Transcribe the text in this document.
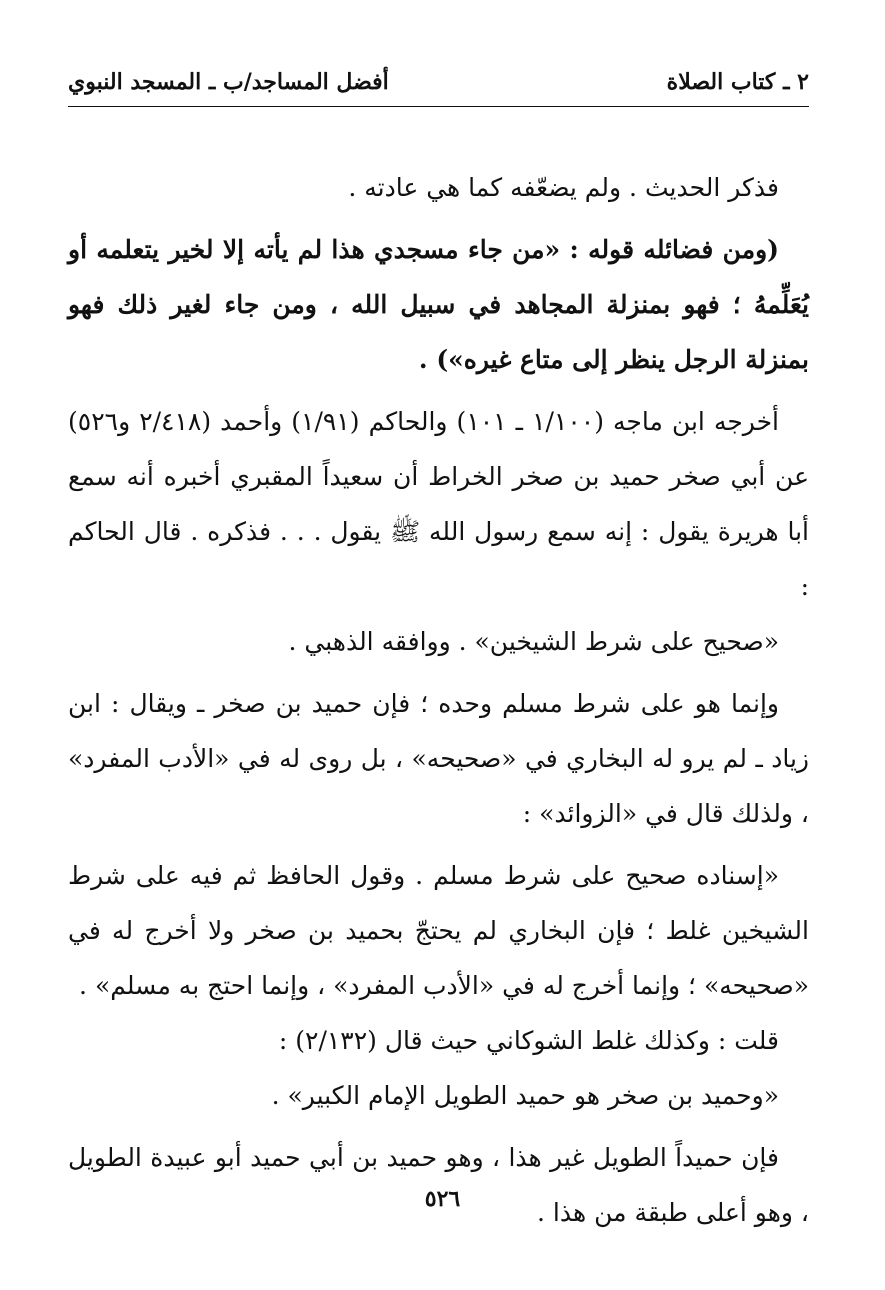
٢ ـ كتاب الصلاة
أفضل المساجد/ب ـ المسجد النبوي

فذكر الحديث . ولم يضعّفه كما هي عادته .

(ومن فضائله قوله : «من جاء مسجدي هذا لم يأته إلا لخير يتعلمه أو يُعَلِّمهُ ؛ فهو بمنزلة المجاهد في سبيل الله ، ومن جاء لغير ذلك فهو بمنزلة الرجل ينظر إلى متاع غيره») .

أخرجه ابن ماجه (١/١٠٠ ـ ١٠١) والحاكم (١/٩١) وأحمد (٢/٤١٨ و٥٢٦) عن أبي صخر حميد بن صخر الخراط أن سعيداً المقبري أخبره أنه سمع أبا هريرة يقول : إنه سمع رسول الله ﷺ يقول . . . فذكره . قال الحاكم :

«صحيح على شرط الشيخين» . ووافقه الذهبي .

وإنما هو على شرط مسلم وحده ؛ فإن حميد بن صخر ـ ويقال : ابن زياد ـ لم يرو له البخاري في «صحيحه» ، بل روى له في «الأدب المفرد» ، ولذلك قال في «الزوائد» :

«إسناده صحيح على شرط مسلم . وقول الحافظ ثم فيه على شرط الشيخين غلط ؛ فإن البخاري لم يحتجّ بحميد بن صخر ولا أخرج له في «صحيحه» ؛ وإنما أخرج له في «الأدب المفرد» ، وإنما احتج به مسلم» .

قلت : وكذلك غلط الشوكاني حيث قال (٢/١٣٢) :

«وحميد بن صخر هو حميد الطويل الإمام الكبير» .

فإن حميداً الطويل غير هذا ، وهو حميد بن أبي حميد أبو عبيدة الطويل ، وهو أعلى طبقة من هذا .

٥٢٦
